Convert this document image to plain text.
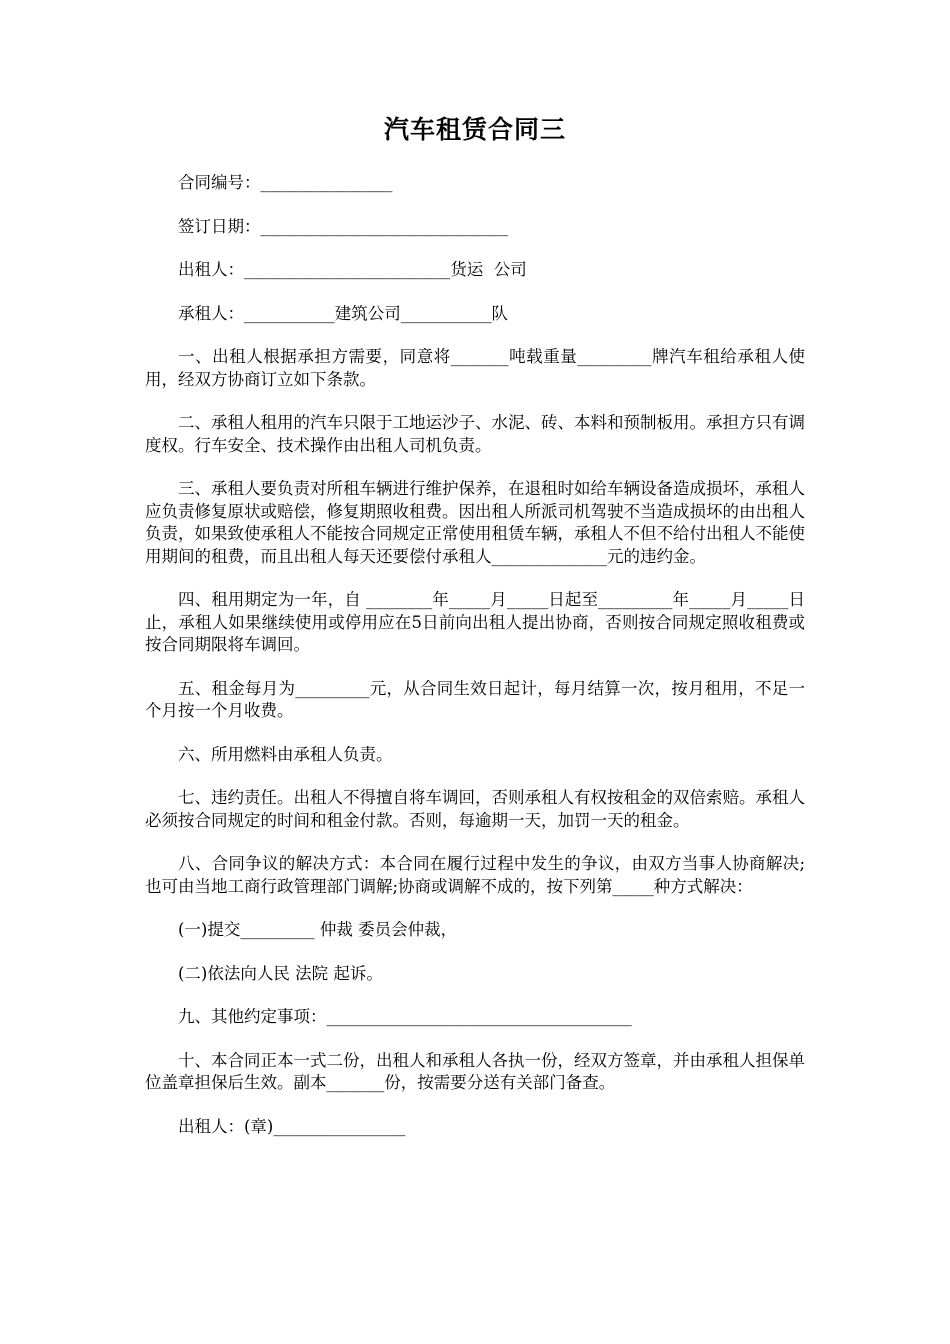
汽车租赁合同三
合同编号：________________
签订日期：______________________________
出租人：_________________________货运  公司
承租人：___________建筑公司___________队
一、出租人根据承担方需要，同意将_______吨载重量_________牌汽车租给承租人使用，经双方协商订立如下条款。
二、承租人租用的汽车只限于工地运沙子、水泥、砖、本料和预制板用。承担方只有调度权。行车安全、技术操作由出租人司机负责。
三、承租人要负责对所租车辆进行维护保养，在退租时如给车辆设备造成损坏，承租人应负责修复原状或赔偿，修复期照收租费。因出租人所派司机驾驶不当造成损坏的由出租人负责，如果致使承租人不能按合同规定正常使用租赁车辆，承租人不但不给付出租人不能使用期间的租费，而且出租人每天还要偿付承租人______________元的违约金。
四、租用期定为一年，自 ________年_____月_____日起至_________年_____月_____日止，承租人如果继续使用或停用应在5日前向出租人提出协商，否则按合同规定照收租费或按合同期限将车调回。
五、租金每月为_________元，从合同生效日起计，每月结算一次，按月租用，不足一个月按一个月收费。
六、所用燃料由承租人负责。
七、违约责任。出租人不得擅自将车调回，否则承租人有权按租金的双倍索赔。承租人必须按合同规定的时间和租金付款。否则，每逾期一天，加罚一天的租金。
八、合同争议的解决方式：本合同在履行过程中发生的争议，由双方当事人协商解决;也可由当地工商行政管理部门调解;协商或调解不成的，按下列第_____种方式解决：
(一)提交_________ 仲裁 委员会仲裁，
(二)依法向人民 法院 起诉。
九、其他约定事项：_____________________________________
十、本合同正本一式二份，出租人和承租人各执一份，经双方签章，并由承租人担保单位盖章担保后生效。副本_______份，按需要分送有关部门备查。
出租人：(章)________________
